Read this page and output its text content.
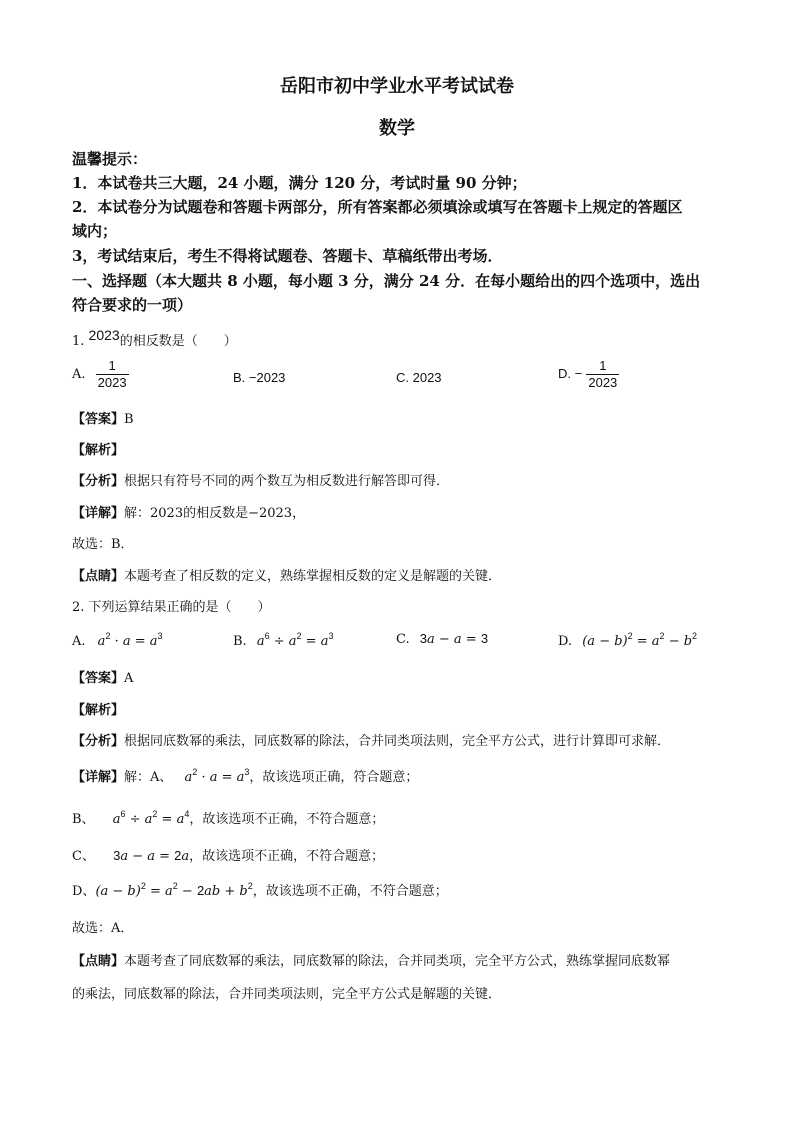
岳阳市初中学业水平考试试卷
数学
温馨提示：
1．本试卷共三大题，24 小题，满分 120 分，考试时量 90 分钟；
2．本试卷分为试题卷和答题卡两部分，所有答案都必须填涂或填写在答题卡上规定的答题区
域内；
3，考试结束后，考生不得将试题卷、答题卡、草稿纸带出考场．
一、选择题（本大题共 8 小题，每小题 3 分，满分 24 分．在每小题给出的四个选项中，选出
符合要求的一项）
1. 2023的相反数是（　　）
A. $\frac{1}{2023}$	B. −2023	C. 2023	D. − $\frac{1}{2023}$
【答案】B
【解析】
【分析】根据只有符号不同的两个数互为相反数进行解答即可得．
【详解】解：2023的相反数是−2023，
故选：B．
【点睛】本题考查了相反数的定义，熟练掌握相反数的定义是解题的关键．
2. 下列运算结果正确的是（　　）
A. $a^2 \cdot a = a^3$	B. $a^6 \div a^2 = a^3$	C. 3a − a = 3	D. $(a - b)^2 = a^2 - b^2$
【答案】A
【解析】
【分析】根据同底数幂的乘法，同底数幂的除法，合并同类项法则，完全平方公式，进行计算即可求解．
【详解】解：A、 $a^2 \cdot a = a^3$，故该选项正确，符合题意；
B、 $a^6 \div a^2 = a^4$，故该选项不正确，不符合题意；
C、 3a − a = 2a，故该选项不正确，不符合题意；
D、$(a - b)^2 = a^2 - 2ab + b^2$，故该选项不正确，不符合题意；
故选：A．
【点睛】本题考查了同底数幂的乘法，同底数幂的除法，合并同类项，完全平方公式，熟练掌握同底数幂
的乘法，同底数幂的除法，合并同类项法则，完全平方公式是解题的关键．
